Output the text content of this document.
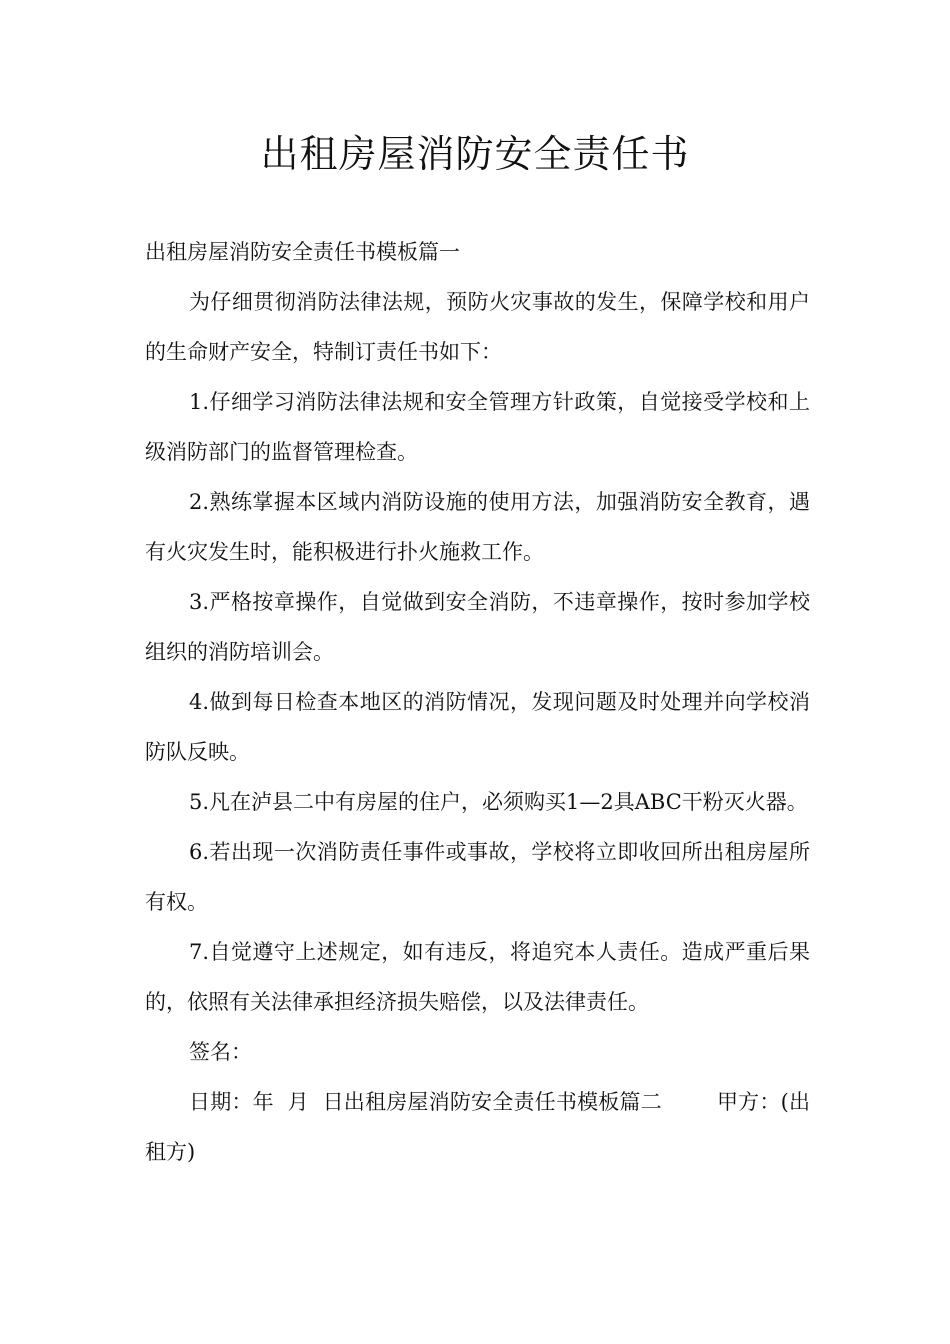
出租房屋消防安全责任书

出租房屋消防安全责任书模板篇一

为仔细贯彻消防法律法规，预防火灾事故的发生，保障学校和用户的生命财产安全，特制订责任书如下：

1.仔细学习消防法律法规和安全管理方针政策，自觉接受学校和上级消防部门的监督管理检查。

2.熟练掌握本区域内消防设施的使用方法，加强消防安全教育，遇有火灾发生时，能积极进行扑火施救工作。

3.严格按章操作，自觉做到安全消防，不违章操作，按时参加学校组织的消防培训会。

4.做到每日检查本地区的消防情况，发现问题及时处理并向学校消防队反映。

5.凡在泸县二中有房屋的住户，必须购买1—2具ABC干粉灭火器。

6.若出现一次消防责任事件或事故，学校将立即收回所出租房屋所有权。

7.自觉遵守上述规定，如有违反，将追究本人责任。造成严重后果的，依照有关法律承担经济损失赔偿，以及法律责任。

签名：

日期：年  月  日出租房屋消防安全责任书模板篇二        甲方：(出租方)
